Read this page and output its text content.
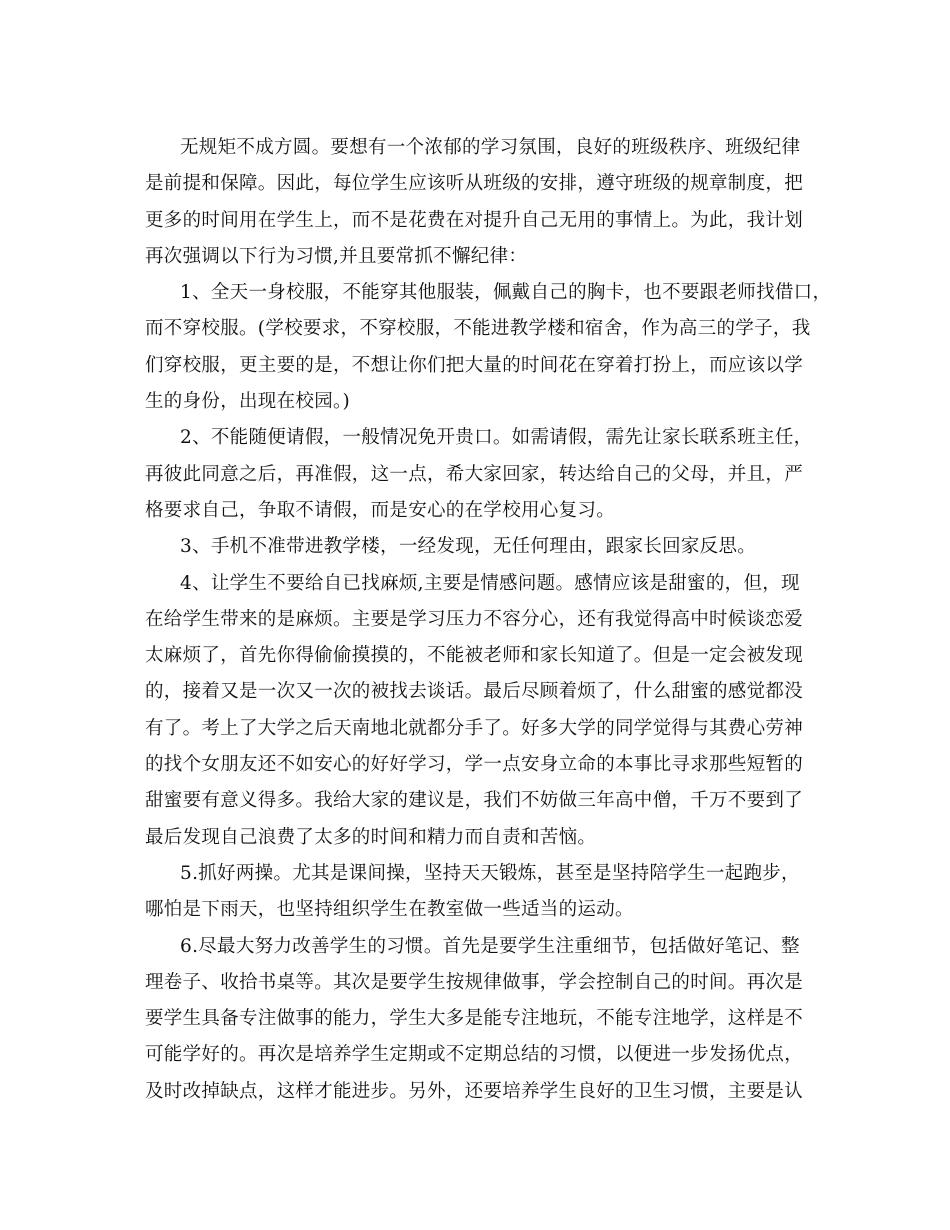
无规矩不成方圆。要想有一个浓郁的学习氛围，良好的班级秩序、班级纪律
是前提和保障。因此，每位学生应该听从班级的安排，遵守班级的规章制度，把
更多的时间用在学生上，而不是花费在对提升自己无用的事情上。为此，我计划
再次强调以下行为习惯,并且要常抓不懈纪律：
1、全天一身校服，不能穿其他服装，佩戴自己的胸卡，也不要跟老师找借口，
而不穿校服。(学校要求，不穿校服，不能进教学楼和宿舍，作为高三的学子，我
们穿校服，更主要的是，不想让你们把大量的时间花在穿着打扮上，而应该以学
生的身份，出现在校园。)
2、不能随便请假，一般情况免开贵口。如需请假，需先让家长联系班主任，
再彼此同意之后，再准假，这一点，希大家回家，转达给自己的父母，并且，严
格要求自己，争取不请假，而是安心的在学校用心复习。
3、手机不准带进教学楼，一经发现，无任何理由，跟家长回家反思。
4、让学生不要给自已找麻烦,主要是情感问题。感情应该是甜蜜的，但，现
在给学生带来的是麻烦。主要是学习压力不容分心，还有我觉得高中时候谈恋爱
太麻烦了，首先你得偷偷摸摸的，不能被老师和家长知道了。但是一定会被发现
的，接着又是一次又一次的被找去谈话。最后尽顾着烦了，什么甜蜜的感觉都没
有了。考上了大学之后天南地北就都分手了。好多大学的同学觉得与其费心劳神
的找个女朋友还不如安心的好好学习，学一点安身立命的本事比寻求那些短暂的
甜蜜要有意义得多。我给大家的建议是，我们不妨做三年高中僧，千万不要到了
最后发现自己浪费了太多的时间和精力而自责和苦恼。
5.抓好两操。尤其是课间操，坚持天天锻炼，甚至是坚持陪学生一起跑步，
哪怕是下雨天，也坚持组织学生在教室做一些适当的运动。
6.尽最大努力改善学生的习惯。首先是要学生注重细节，包括做好笔记、整
理卷子、收拾书桌等。其次是要学生按规律做事，学会控制自己的时间。再次是
要学生具备专注做事的能力，学生大多是能专注地玩，不能专注地学，这样是不
可能学好的。再次是培养学生定期或不定期总结的习惯，以便进一步发扬优点，
及时改掉缺点，这样才能进步。另外，还要培养学生良好的卫生习惯，主要是认
